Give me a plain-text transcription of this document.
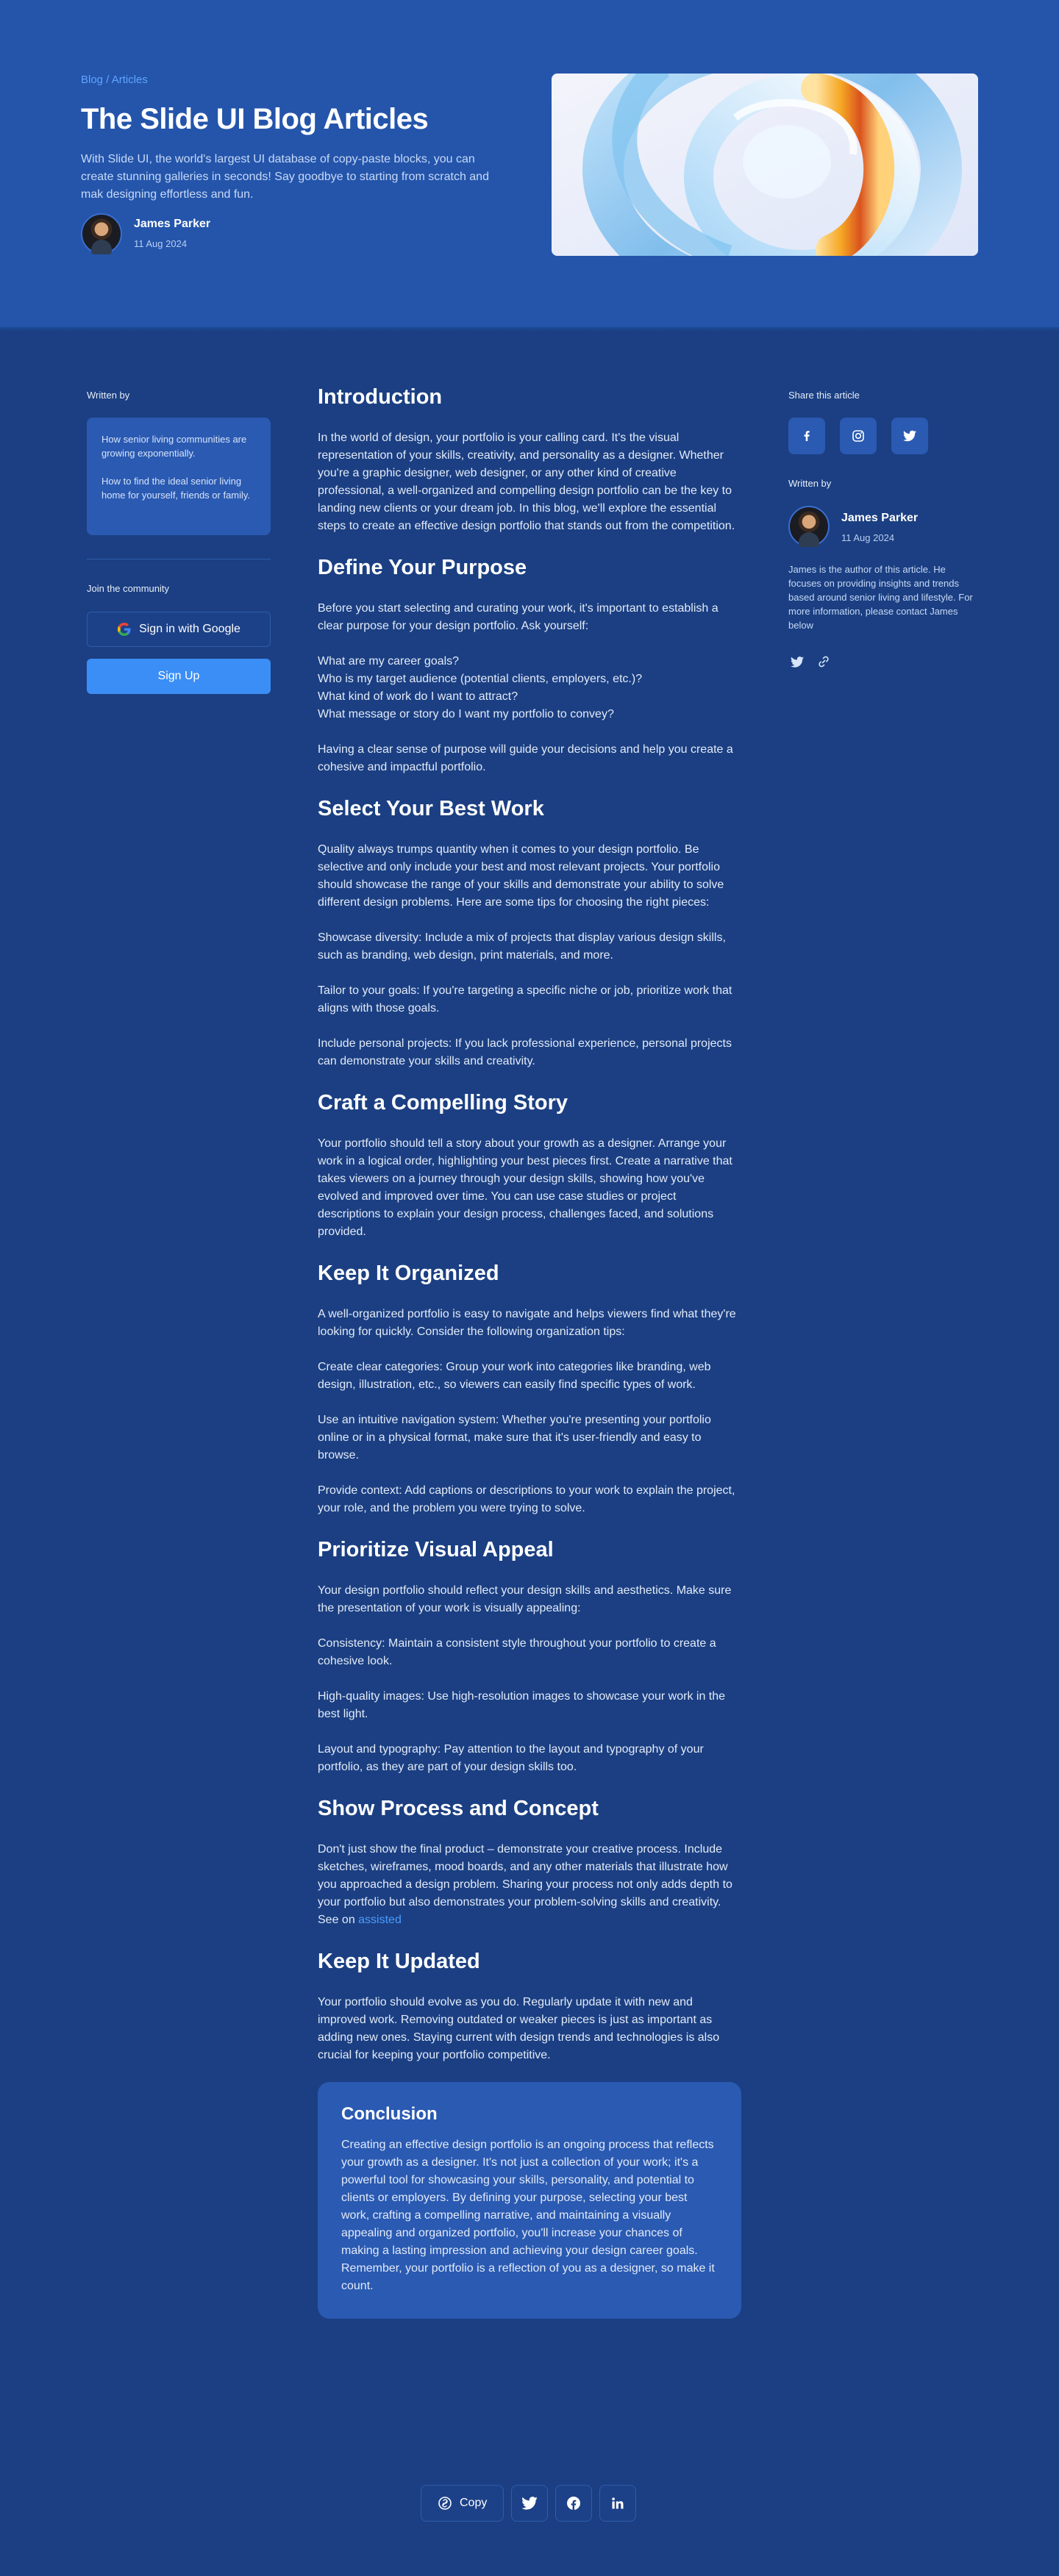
Blog / Articles
The Slide UI Blog Articles

With Slide UI, the world's largest UI database of copy-paste blocks, you can create stunning galleries in seconds! Say goodbye to starting from scratch and mak designing effortless and fun.

James Parker
11 Aug 2024
Written by

How senior living communities are growing exponentially.

How to find the ideal senior living home for yourself, friends or family.

Join the community
Sign in with Google
Sign Up
Share this article
Written by
James Parker
11 Aug 2024

James is the author of this article. He focuses on providing insights and trends based around senior living and lifestyle. For more information, please contact James below

Introduction

In the world of design, your portfolio is your calling card. It's the visual representation of your skills, creativity, and personality as a designer. Whether you're a graphic designer, web designer, or any other kind of creative professional, a well-organized and compelling design portfolio can be the key to landing new clients or your dream job. In this blog, we'll explore the essential steps to create an effective design portfolio that stands out from the competition.

Define Your Purpose

Before you start selecting and curating your work, it's important to establish a clear purpose for your design portfolio. Ask yourself:

What are my career goals?
Who is my target audience (potential clients, employers, etc.)?
What kind of work do I want to attract?
What message or story do I want my portfolio to convey?

Having a clear sense of purpose will guide your decisions and help you create a cohesive and impactful portfolio.

Select Your Best Work

Quality always trumps quantity when it comes to your design portfolio. Be selective and only include your best and most relevant projects. Your portfolio should showcase the range of your skills and demonstrate your ability to solve different design problems. Here are some tips for choosing the right pieces:

Showcase diversity: Include a mix of projects that display various design skills, such as branding, web design, print materials, and more.

Tailor to your goals: If you're targeting a specific niche or job, prioritize work that aligns with those goals.

Include personal projects: If you lack professional experience, personal projects can demonstrate your skills and creativity.

Craft a Compelling Story

Your portfolio should tell a story about your growth as a designer. Arrange your work in a logical order, highlighting your best pieces first. Create a narrative that takes viewers on a journey through your design skills, showing how you've evolved and improved over time. You can use case studies or project descriptions to explain your design process, challenges faced, and solutions provided.

Keep It Organized

A well-organized portfolio is easy to navigate and helps viewers find what they're looking for quickly. Consider the following organization tips:

Create clear categories: Group your work into categories like branding, web design, illustration, etc., so viewers can easily find specific types of work.

Use an intuitive navigation system: Whether you're presenting your portfolio online or in a physical format, make sure that it's user-friendly and easy to browse.

Provide context: Add captions or descriptions to your work to explain the project, your role, and the problem you were trying to solve.

Prioritize Visual Appeal

Your design portfolio should reflect your design skills and aesthetics. Make sure the presentation of your work is visually appealing:

Consistency: Maintain a consistent style throughout your portfolio to create a cohesive look.

High-quality images: Use high-resolution images to showcase your work in the best light.

Layout and typography: Pay attention to the layout and typography of your portfolio, as they are part of your design skills too.

Show Process and Concept

Don't just show the final product – demonstrate your creative process. Include sketches, wireframes, mood boards, and any other materials that illustrate how you approached a design problem. Sharing your process not only adds depth to your portfolio but also demonstrates your problem-solving skills and creativity. See on assisted

Keep It Updated

Your portfolio should evolve as you do. Regularly update it with new and improved work. Removing outdated or weaker pieces is just as important as adding new ones. Staying current with design trends and technologies is also crucial for keeping your portfolio competitive.

Conclusion

Creating an effective design portfolio is an ongoing process that reflects your growth as a designer. It's not just a collection of your work; it's a powerful tool for showcasing your skills, personality, and potential to clients or employers. By defining your purpose, selecting your best work, crafting a compelling narrative, and maintaining a visually appealing and organized portfolio, you'll increase your chances of making a lasting impression and achieving your design career goals. Remember, your portfolio is a reflection of you as a designer, so make it count.

Copy
